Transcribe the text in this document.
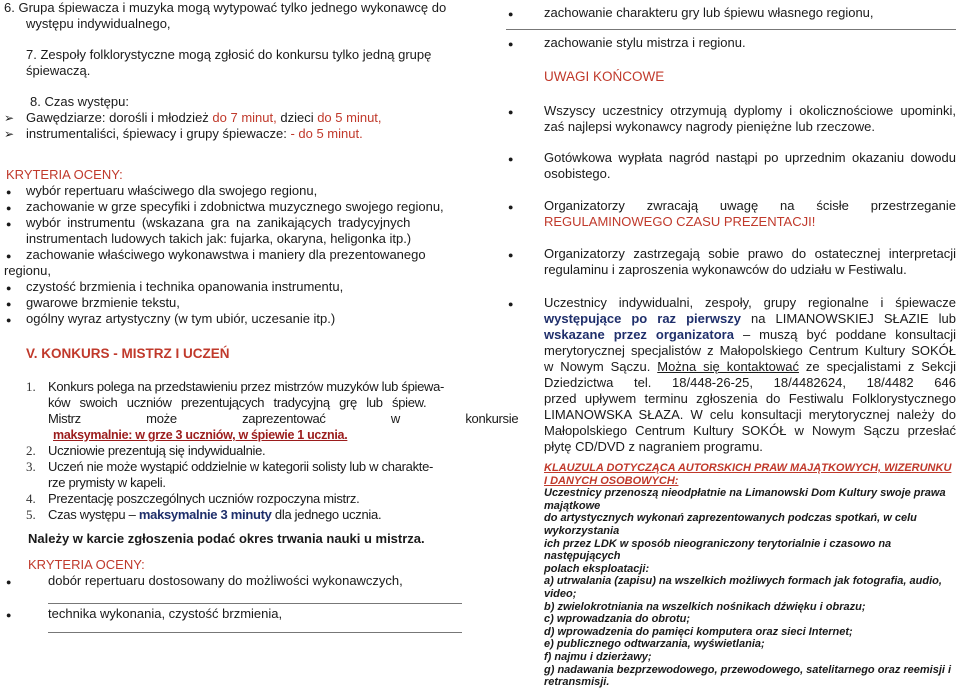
6. Grupa śpiewacza i muzyka mogą wytypować tylko jednego wykonawcę do
występu indywidualnego,
7. Zespoły folklorystyczne mogą zgłosić do konkursu tylko jedną grupę
śpiewaczą.
8. Czas występu:
➢ Gawędziarze: dorośli i młodzież do 7 minut, dzieci do 5 minut,
➢ instrumentaliści, śpiewacy i grupy śpiewacze: - do 5 minut.
KRYTERIA OCENY:
● wybór repertuaru właściwego dla swojego regionu,
● zachowanie w grze specyfiki i zdobnictwa muzycznego swojego regionu,
● wybór instrumentu (wskazana gra na zanikających tradycyjnych
instrumentach ludowych takich jak: fujarka, okaryna, heligonka itp.)
● zachowanie właściwego wykonawstwa i maniery dla prezentowanego
regionu,
● czystość brzmienia i technika opanowania instrumentu,
● gwarowe brzmienie tekstu,
● ogólny wyraz artystyczny (w tym ubiór, uczesanie itp.)
V. KONKURS - MISTRZ I UCZEŃ
1. Konkurs polega na przedstawieniu przez mistrzów muzyków lub śpiewa-
ków swoich uczniów prezentujących tradycyjną grę lub śpiew.
Mistrz może zaprezentować w konkursie
maksymalnie: w grze 3 uczniów, w śpiewie 1 ucznia.
2. Uczniowie prezentują się indywidualnie.
3. Uczeń nie może wystąpić oddzielnie w kategorii solisty lub w charakte-
rze prymisty w kapeli.
4. Prezentację poszczególnych uczniów rozpoczyna mistrz.
5. Czas występu – maksymalnie 3 minuty dla jednego ucznia.
Należy w karcie zgłoszenia podać okres trwania nauki u mistrza.
KRYTERIA OCENY:
●	dobór repertuaru dostosowany do możliwości wykonawczych,
●	technika wykonania, czystość brzmienia,
● zachowanie charakteru gry lub śpiewu własnego regionu,
● zachowanie stylu mistrza i regionu.
UWAGI KOŃCOWE
● Wszyscy uczestnicy otrzymują dyplomy i okolicznościowe upominki,
zaś najlepsi wykonawcy nagrody pieniężne lub rzeczowe.
● Gotówkowa wypłata nagród nastąpi po uprzednim okazaniu dowodu
osobistego.
● Organizatorzy zwracają uwagę na ścisłe przestrzeganie
REGULAMINOWEGO CZASU PREZENTACJI!
● Organizatorzy zastrzegają sobie prawo do ostatecznej interpretacji
regulaminu i zaproszenia wykonawców do udziału w Festiwalu.
● Uczestnicy indywidualni, zespoły, grupy regionalne i śpiewacze
występujące po raz pierwszy na LIMANOWSKIEJ SŁAZIE lub
wskazane przez organizatora – muszą być poddane konsultacji
merytorycznej specjalistów z Małopolskiego Centrum Kultury SOKÓŁ
w Nowym Sączu. Można się kontaktować ze specjalistami z Sekcji
Dziedzictwa tel. 18/448-26-25, 18/4482624, 18/4482 646
przed upływem terminu zgłoszenia do Festiwalu Folklorystycznego
LIMANOWSKA SŁAZA. W celu konsultacji merytorycznej należy do
Małopolskiego Centrum Kultury SOKÓŁ w Nowym Sączu przesłać
płytę CD/DVD z nagraniem programu.
KLAUZULA DOTYCZĄCA AUTORSKICH PRAW MAJĄTKOWYCH, WIZERUNKU
I DANYCH OSOBOWYCH:
Uczestnicy przenoszą nieodpłatnie na Limanowski Dom Kultury swoje prawa majątkowe
do artystycznych wykonań zaprezentowanych podczas spotkań, w celu wykorzystania
ich przez LDK w sposób nieograniczony terytorialnie i czasowo na następujących
polach eksploatacji:
a) utrwalania (zapisu) na wszelkich możliwych formach jak fotografia, audio, video;
b) zwielokrotniania na wszelkich nośnikach dźwięku i obrazu;
c) wprowadzania do obrotu;
d) wprowadzenia do pamięci komputera oraz sieci Internet;
e) publicznego odtwarzania, wyświetlania;
f) najmu i dzierżawy;
g) nadawania bezprzewodowego, przewodowego, satelitarnego oraz reemisji i
retransmisji.
